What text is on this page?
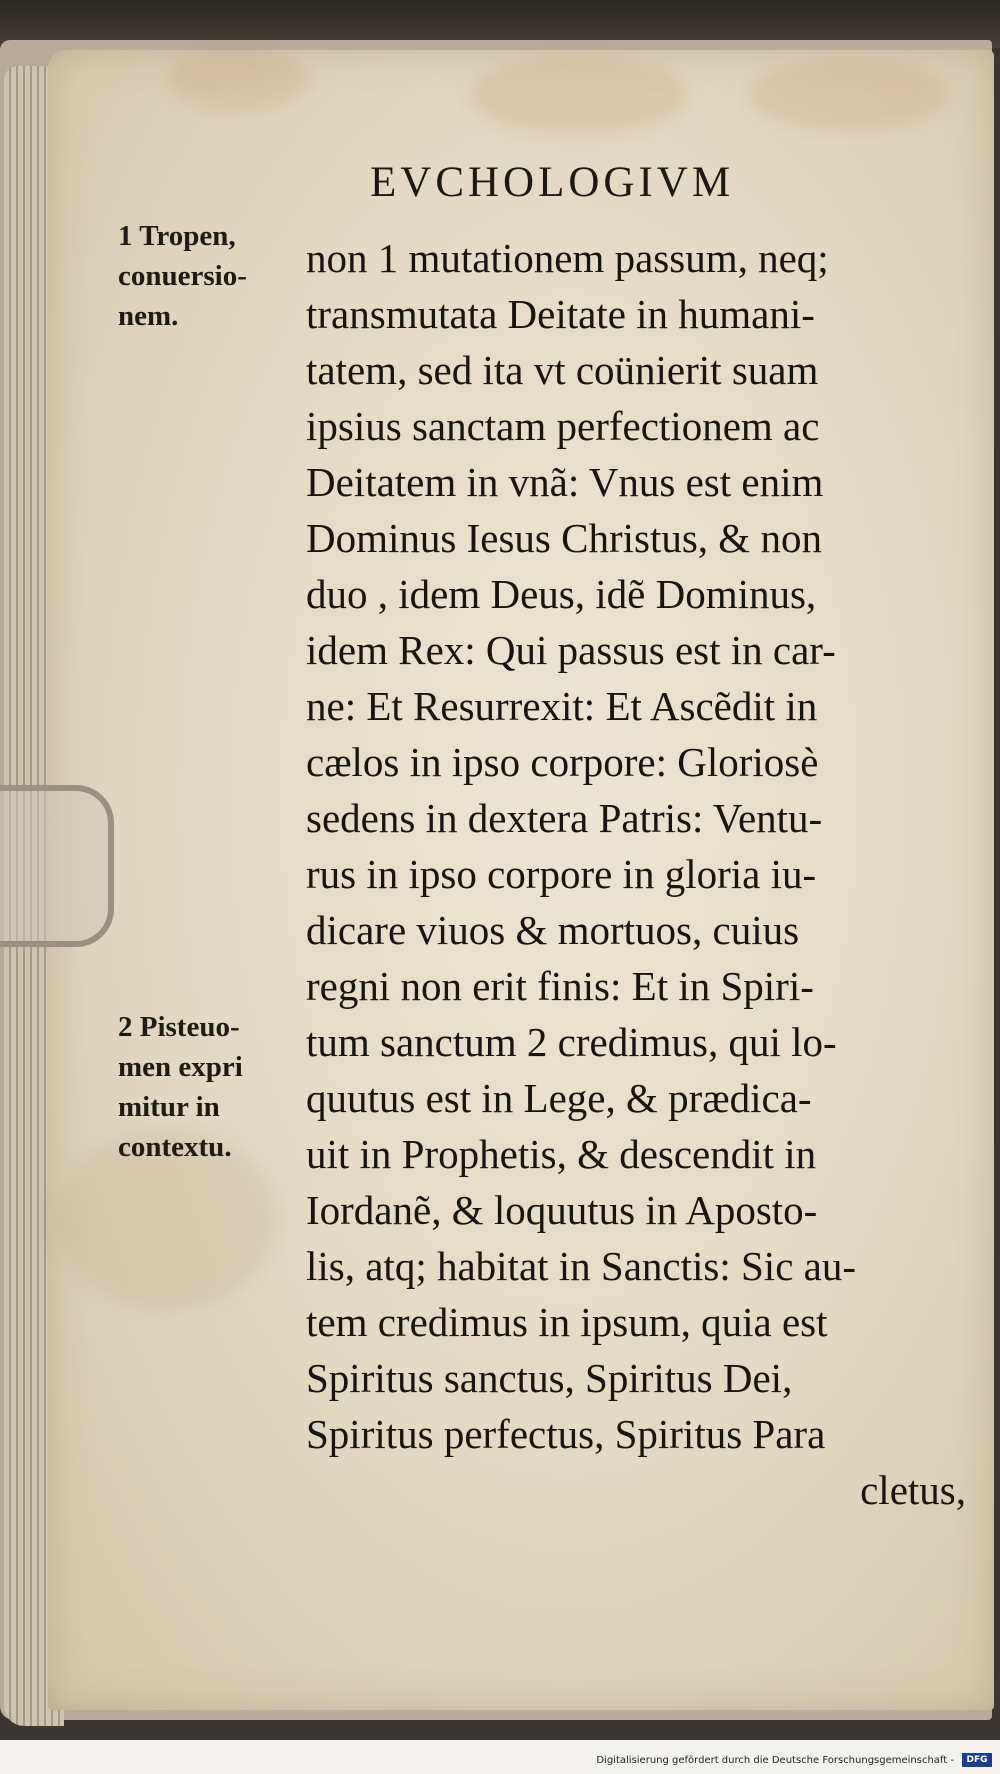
EVCHOLOGIVM
1 Tropen,
conuersio-
nem.
2 Pisteuo-
men expri
mitur in
contextu.
non 1 mutationem passum, neq;
transmutata Deitate in humani-
tatem, sed ita vt coünierit suam
ipsius sanctam perfectionem ac
Deitatem in vnã: Vnus est enim
Dominus Iesus Christus, & non
duo , idem Deus, idẽ Dominus,
idem Rex: Qui passus est in car-
ne: Et Resurrexit: Et Ascẽdit in
cælos in ipso corpore: Gloriosè
sedens in dextera Patris: Ventu-
rus in ipso corpore in gloria iu-
dicare viuos & mortuos, cuius
regni non erit finis: Et in Spiri-
tum sanctum 2 credimus, qui lo-
quutus est in Lege, & prædica-
uit in Prophetis, & descendit in
Iordanẽ, & loquutus in Aposto-
lis, atq; habitat in Sanctis: Sic au-
tem credimus in ipsum, quia est
Spiritus sanctus, Spiritus Dei,
Spiritus perfectus, Spiritus Para
cletus,
Digitalisierung gefördert durch die Deutsche Forschungsgemeinschaft -	DFG
